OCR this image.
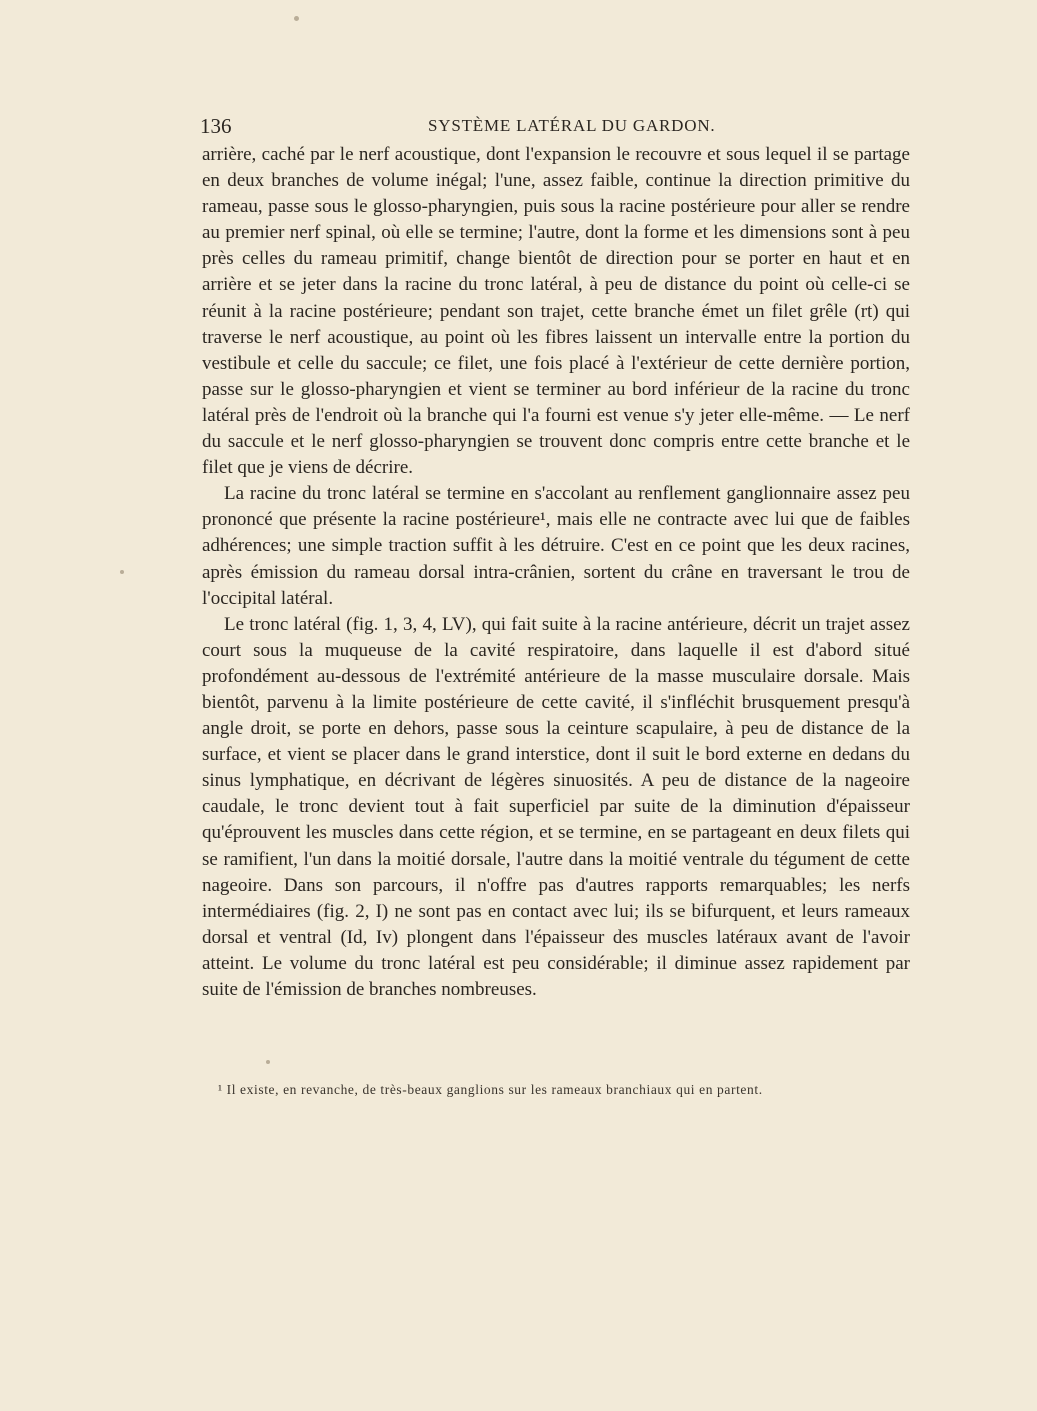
136	SYSTÈME LATÉRAL DU GARDON.

arrière, caché par le nerf acoustique, dont l'expansion le recouvre et sous lequel il se partage en deux branches de volume inégal; l'une, assez faible, continue la direction primitive du rameau, passe sous le glosso-pharyngien, puis sous la racine postérieure pour aller se rendre au premier nerf spinal, où elle se termine; l'autre, dont la forme et les dimensions sont à peu près celles du rameau primitif, change bientôt de direction pour se porter en haut et en arrière et se jeter dans la racine du tronc latéral, à peu de distance du point où celle-ci se réunit à la racine postérieure; pendant son trajet, cette branche émet un filet grêle (rt) qui traverse le nerf acoustique, au point où les fibres laissent un intervalle entre la portion du vestibule et celle du saccule; ce filet, une fois placé à l'extérieur de cette dernière portion, passe sur le glosso-pharyngien et vient se terminer au bord inférieur de la racine du tronc latéral près de l'endroit où la branche qui l'a fourni est venue s'y jeter elle-même. — Le nerf du saccule et le nerf glosso-pharyngien se trouvent donc compris entre cette branche et le filet que je viens de décrire.

La racine du tronc latéral se termine en s'accolant au renflement ganglionnaire assez peu prononcé que présente la racine postérieure¹, mais elle ne contracte avec lui que de faibles adhérences; une simple traction suffit à les détruire. C'est en ce point que les deux racines, après émission du rameau dorsal intra-crânien, sortent du crâne en traversant le trou de l'occipital latéral.

Le tronc latéral (fig. 1, 3, 4, LV), qui fait suite à la racine antérieure, décrit un trajet assez court sous la muqueuse de la cavité respiratoire, dans laquelle il est d'abord situé profondément au-dessous de l'extrémité antérieure de la masse musculaire dorsale. Mais bientôt, parvenu à la limite postérieure de cette cavité, il s'infléchit brusquement presqu'à angle droit, se porte en dehors, passe sous la ceinture scapulaire, à peu de distance de la surface, et vient se placer dans le grand interstice, dont il suit le bord externe en dedans du sinus lymphatique, en décrivant de légères sinuosités. A peu de distance de la nageoire caudale, le tronc devient tout à fait superficiel par suite de la diminution d'épaisseur qu'éprouvent les muscles dans cette région, et se termine, en se partageant en deux filets qui se ramifient, l'un dans la moitié dorsale, l'autre dans la moitié ventrale du tégument de cette nageoire. Dans son parcours, il n'offre pas d'autres rapports remarquables; les nerfs intermédiaires (fig. 2, I) ne sont pas en contact avec lui; ils se bifurquent, et leurs rameaux dorsal et ventral (Id, Iv) plongent dans l'épaisseur des muscles latéraux avant de l'avoir atteint. Le volume du tronc latéral est peu considérable; il diminue assez rapidement par suite de l'émission de branches nombreuses.

¹ Il existe, en revanche, de très-beaux ganglions sur les rameaux branchiaux qui en partent.
